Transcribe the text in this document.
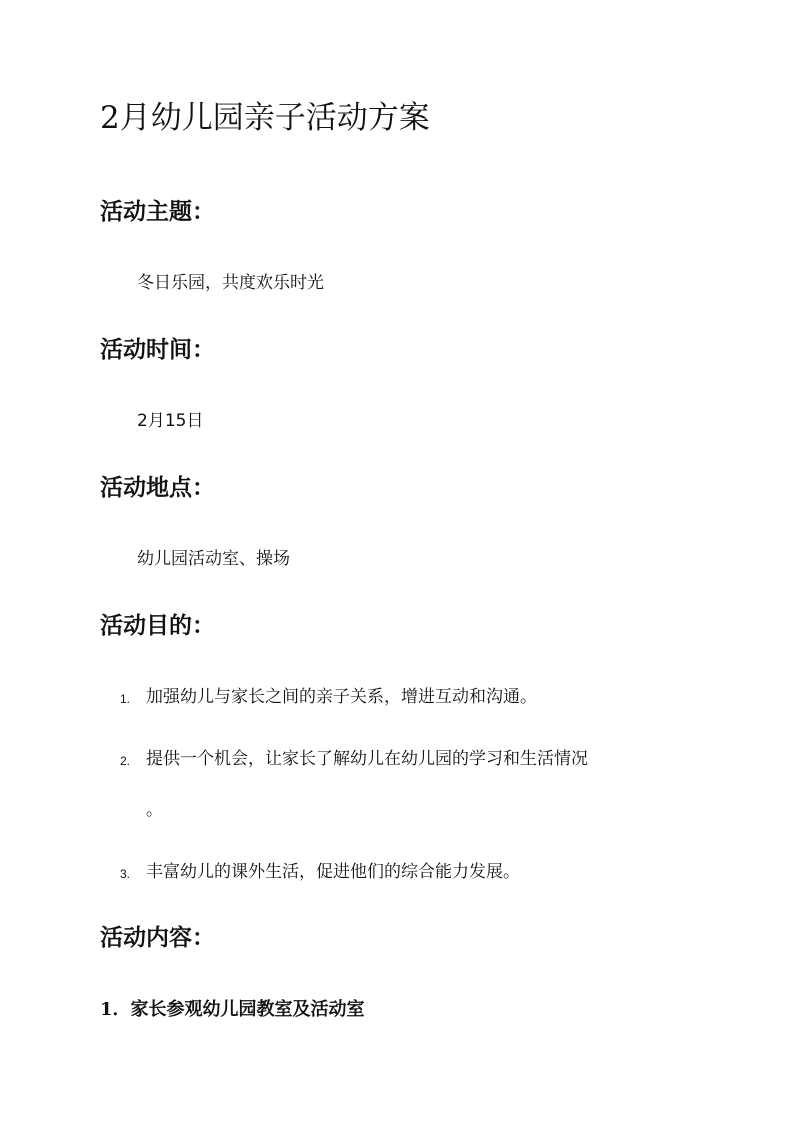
2月幼儿园亲子活动方案
活动主题：

冬日乐园，共度欢乐时光

活动时间：

2月15日

活动地点：

幼儿园活动室、操场

活动目的：
1. 加强幼儿与家长之间的亲子关系，增进互动和沟通。
2. 提供一个机会，让家长了解幼儿在幼儿园的学习和生活情况
。
3. 丰富幼儿的课外生活，促进他们的综合能力发展。
活动内容：
1．家长参观幼儿园教室及活动室
